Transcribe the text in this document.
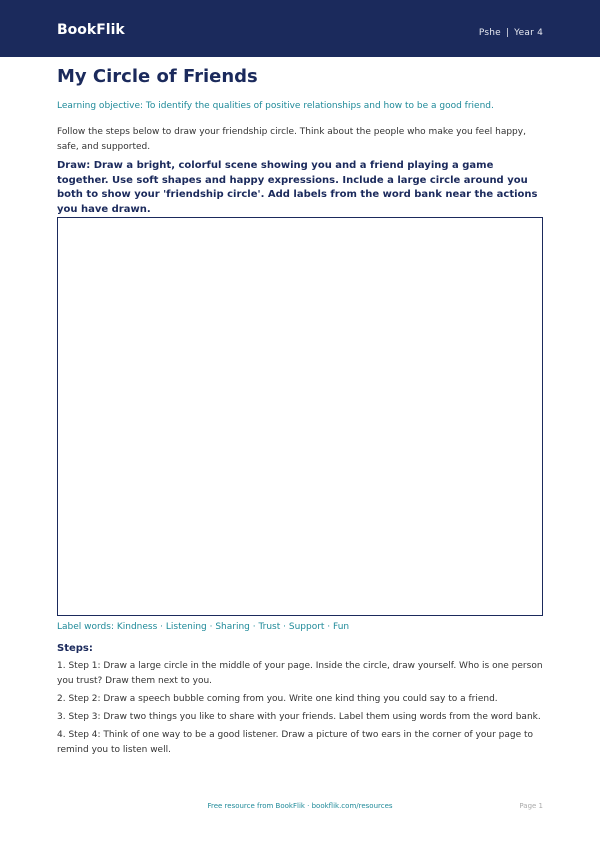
BookFlik	Pshe | Year 4
My Circle of Friends

Learning objective: To identify the qualities of positive relationships and how to be a good friend.

Follow the steps below to draw your friendship circle. Think about the people who make you feel happy, safe, and supported.

Draw: Draw a bright, colorful scene showing you and a friend playing a game together. Use soft shapes and happy expressions. Include a large circle around you both to show your 'friendship circle'. Add labels from the word bank near the actions you have drawn.

Label words: Kindness · Listening · Sharing · Trust · Support · Fun

Steps:
1. Step 1: Draw a large circle in the middle of your page. Inside the circle, draw yourself. Who is one person you trust? Draw them next to you.
2. Step 2: Draw a speech bubble coming from you. Write one kind thing you could say to a friend.
3. Step 3: Draw two things you like to share with your friends. Label them using words from the word bank.
4. Step 4: Think of one way to be a good listener. Draw a picture of two ears in the corner of your page to remind you to listen well.
Free resource from BookFlik · bookflik.com/resources	Page 1
